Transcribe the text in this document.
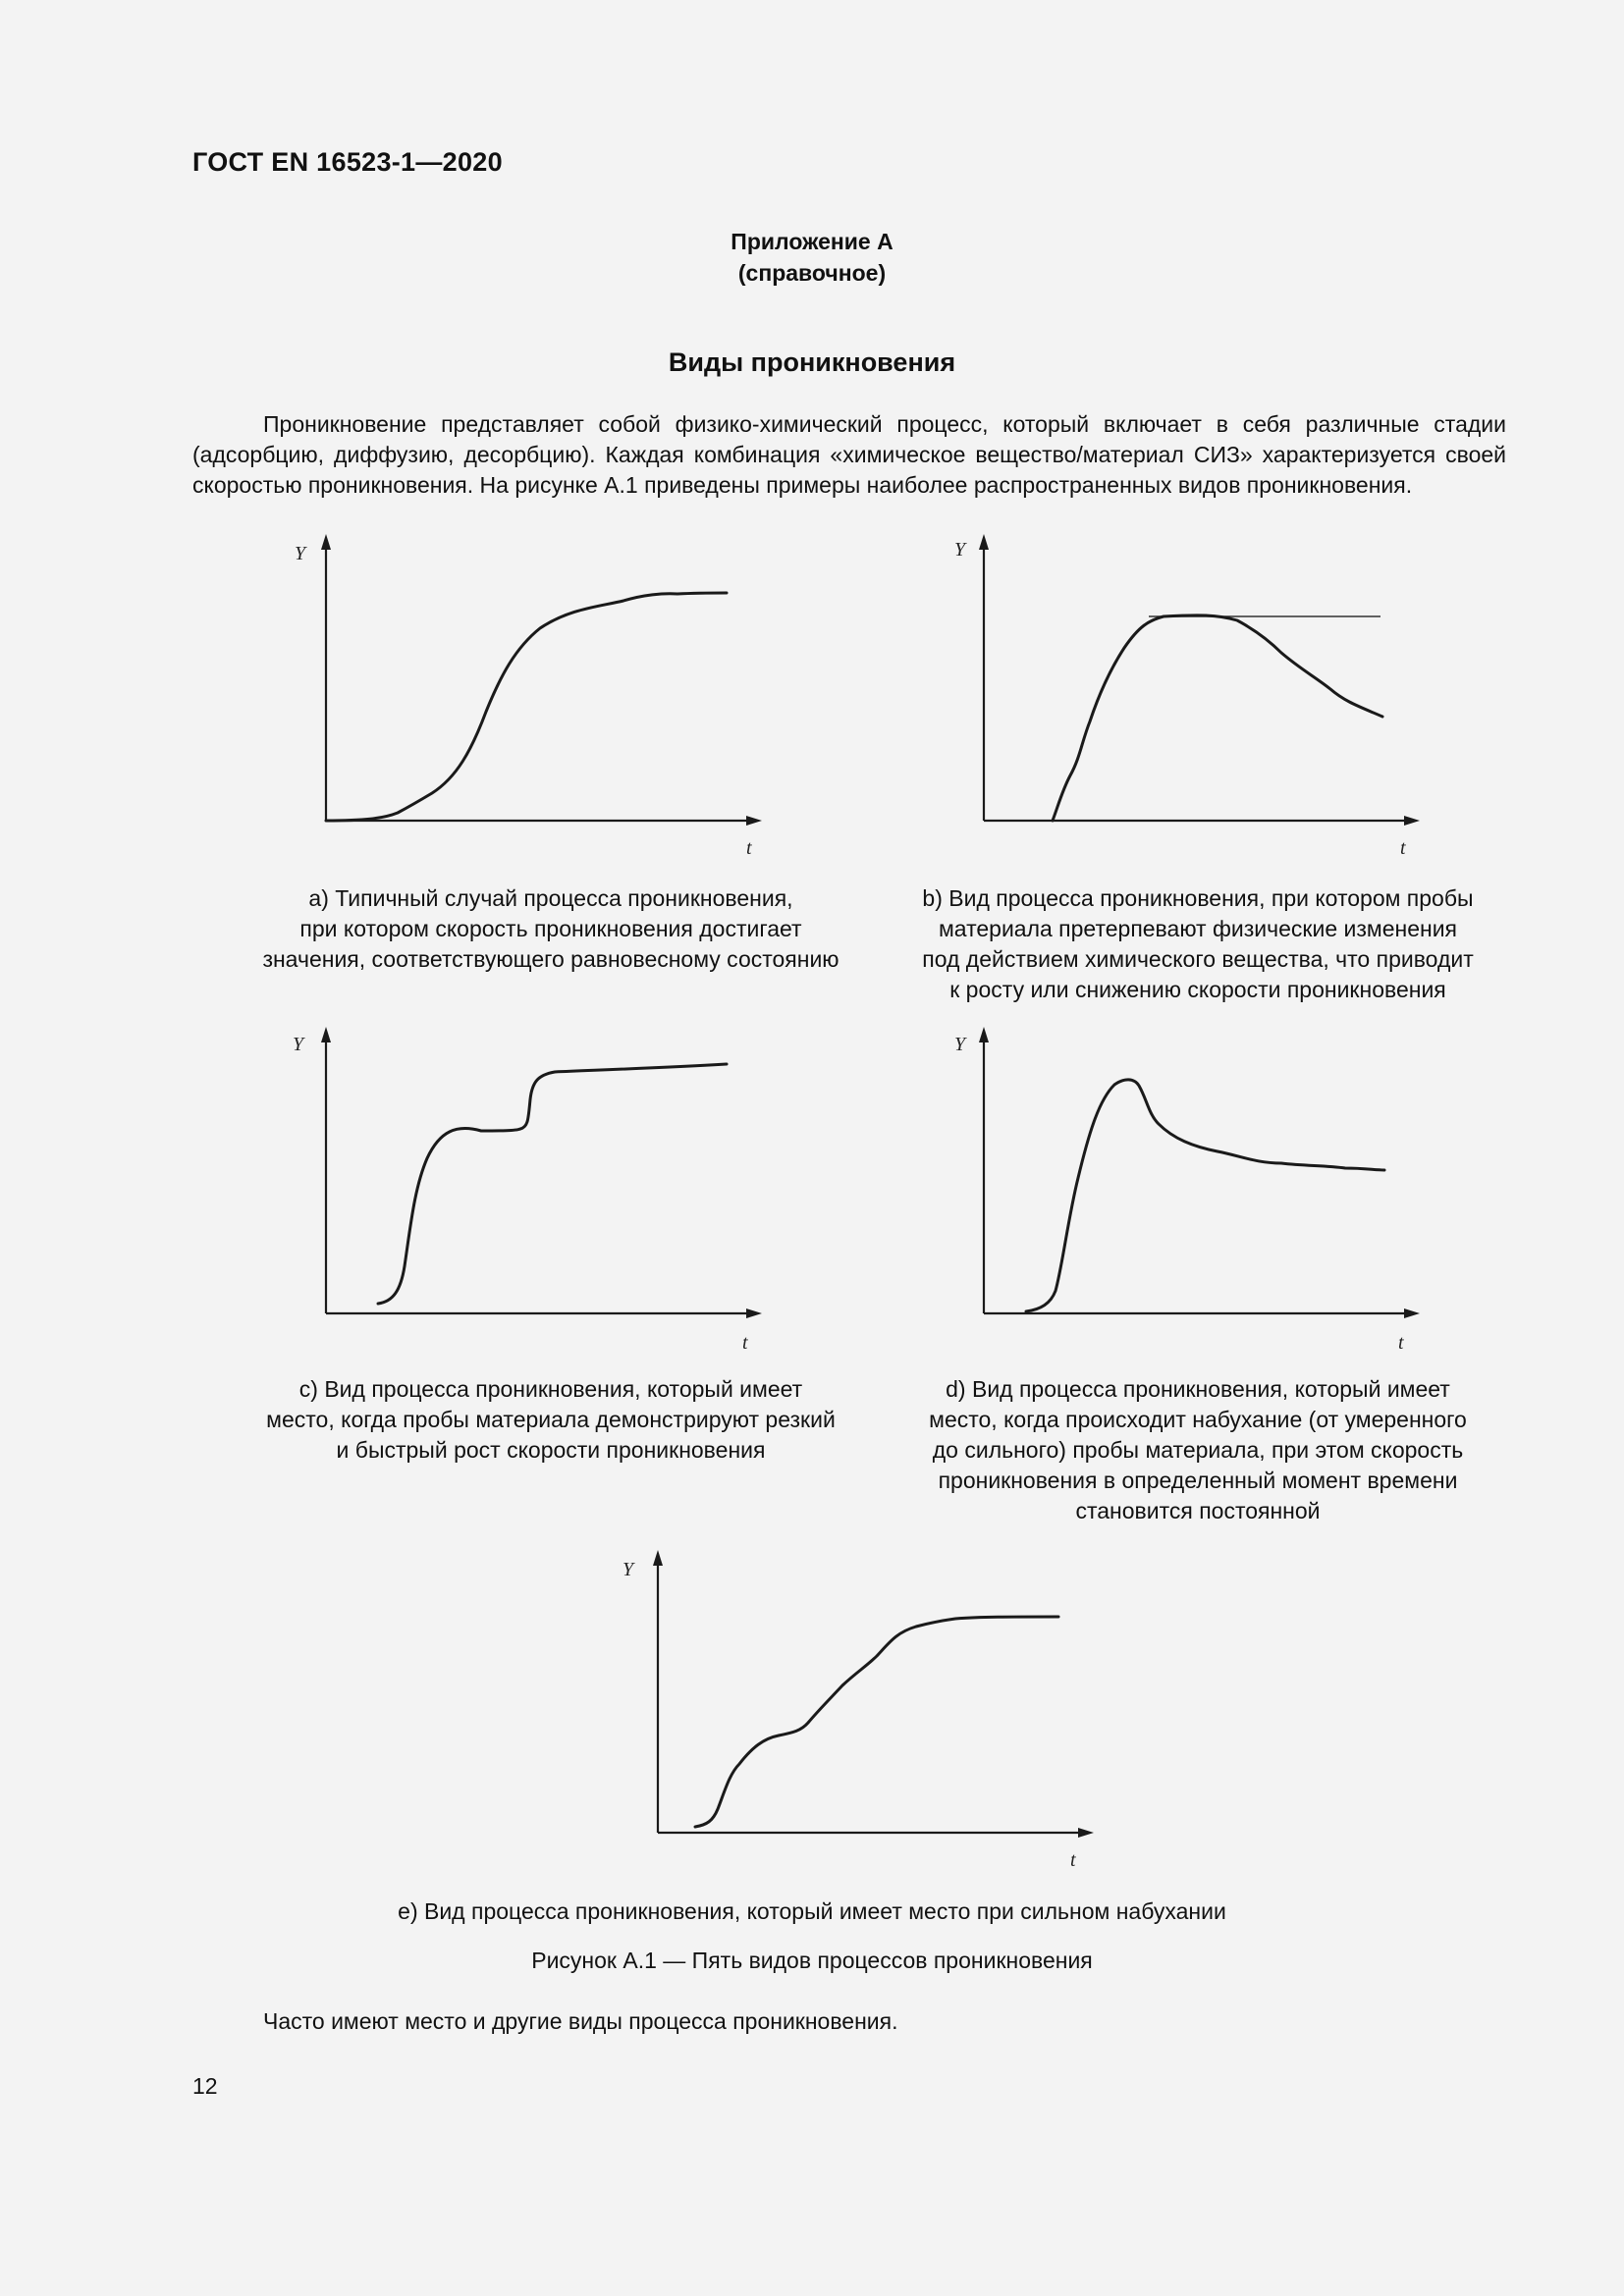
ГОСТ EN 16523-1—2020
Приложение А
(справочное)
Виды проникновения
Проникновение представляет собой физико-химический процесс, который включает в себя различные стадии (адсорбцию, диффузию, десорбцию). Каждая комбинация «химическое вещество/материал СИЗ» характеризуется своей скоростью проникновения. На рисунке А.1 приведены примеры наиболее распространенных видов проникновения.
Y
t
Y
t
а) Типичный случай процесса проникновения,
при котором скорость проникновения достигает
значения, соответствующего равновесному состоянию
b) Вид процесса проникновения, при котором пробы
материала претерпевают физические изменения
под действием химического вещества, что приводит
к росту или снижению скорости проникновения
Y
t
Y
t
с) Вид процесса проникновения, который имеет
место, когда пробы материала демонстрируют резкий
и быстрый рост скорости проникновения
d) Вид процесса проникновения, который имеет
место, когда происходит набухание (от умеренного
до сильного) пробы материала, при этом скорость
проникновения в определенный момент времени
становится постоянной
Y
t
е) Вид процесса проникновения, который имеет место при сильном набухании
Рисунок А.1 — Пять видов процессов проникновения
Часто имеют место и другие виды процесса проникновения.
12
